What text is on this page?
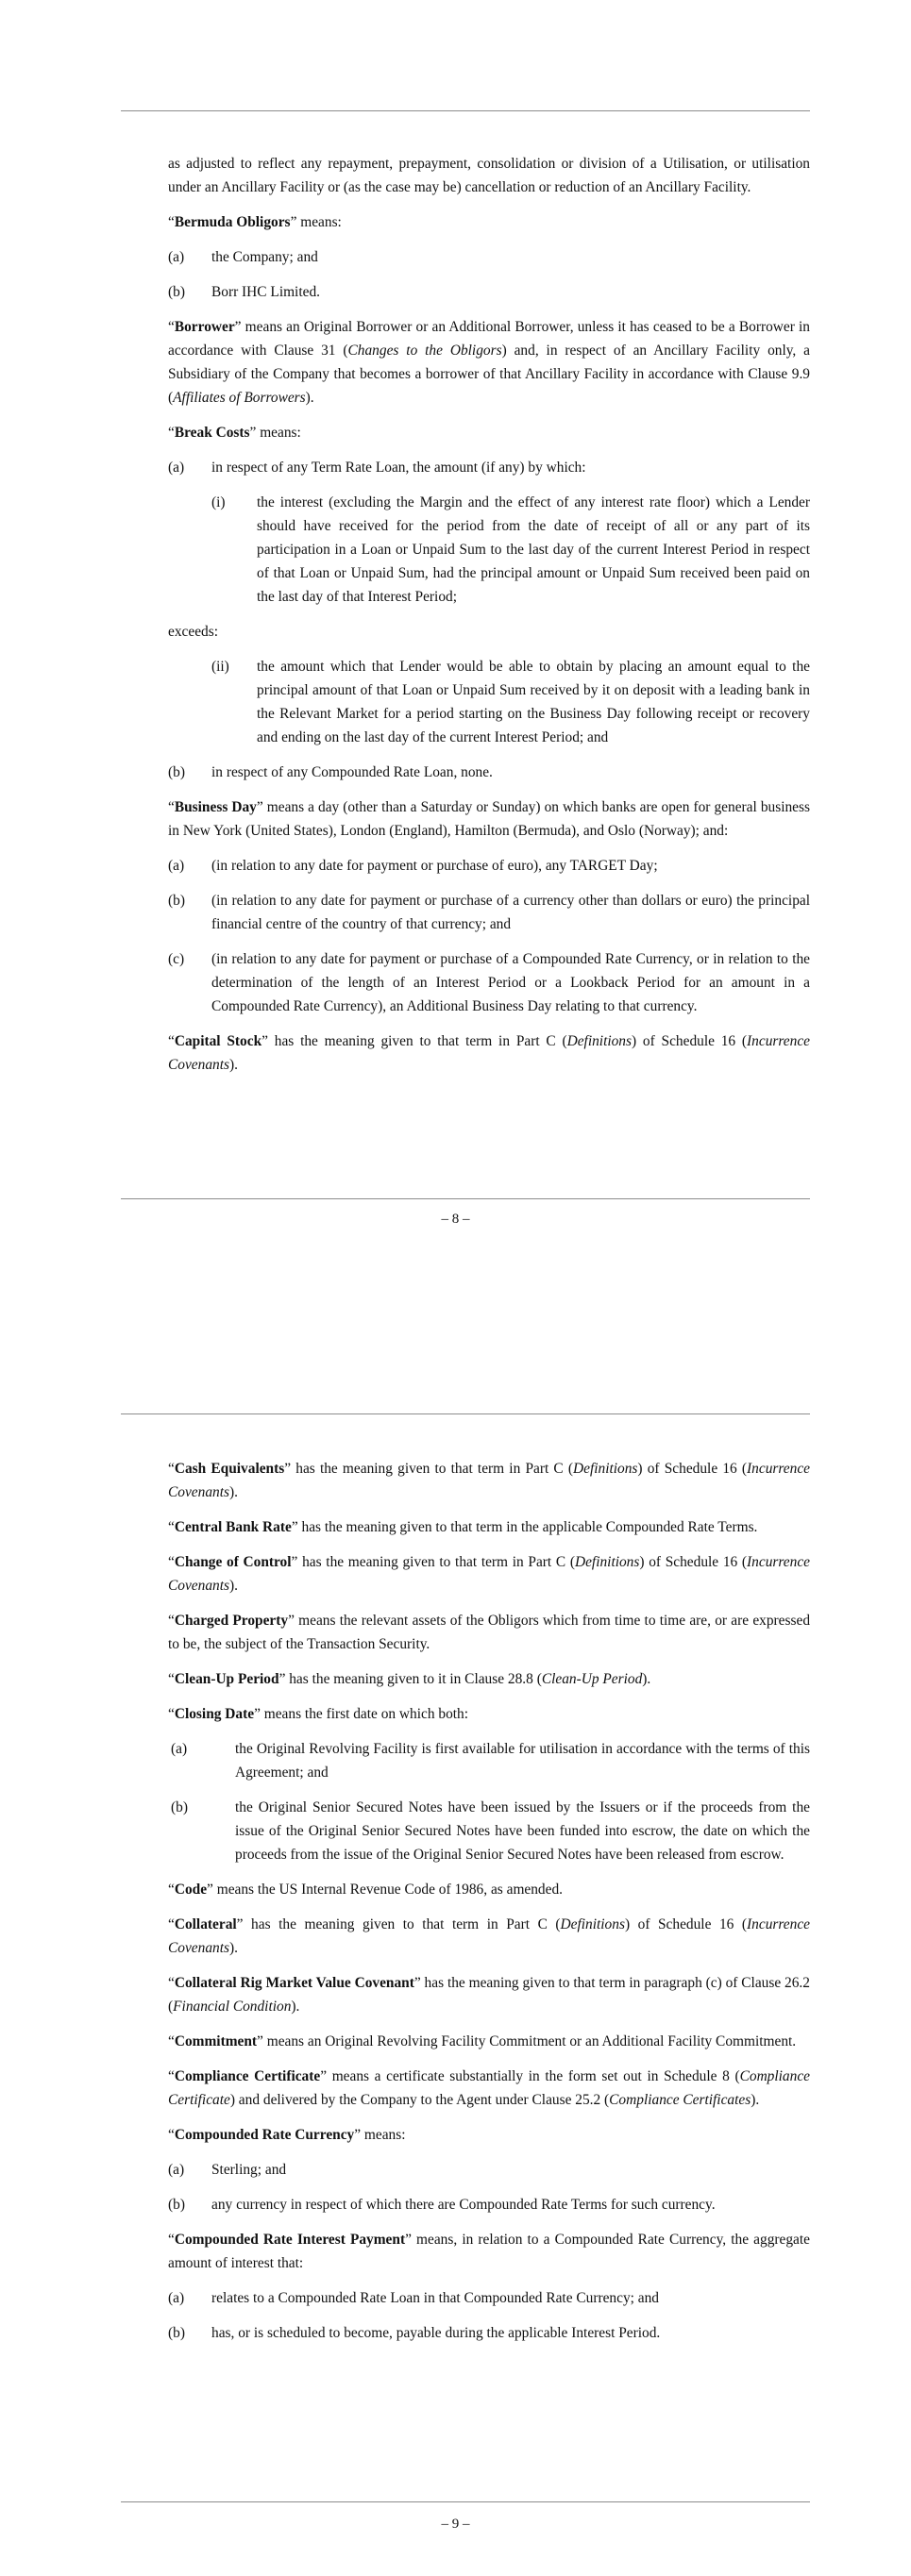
as adjusted to reflect any repayment, prepayment, consolidation or division of a Utilisation, or utilisation under an Ancillary Facility or (as the case may be) cancellation or reduction of an Ancillary Facility.

“Bermuda Obligors” means:

(a)	the Company; and
(b)	Borr IHC Limited.

“Borrower” means an Original Borrower or an Additional Borrower, unless it has ceased to be a Borrower in accordance with Clause 31 (Changes to the Obligors) and, in respect of an Ancillary Facility only, a Subsidiary of the Company that becomes a borrower of that Ancillary Facility in accordance with Clause 9.9 (Affiliates of Borrowers).

“Break Costs” means:

(a)	in respect of any Term Rate Loan, the amount (if any) by which:
(i)	the interest (excluding the Margin and the effect of any interest rate floor) which a Lender should have received for the period from the date of receipt of all or any part of its participation in a Loan or Unpaid Sum to the last day of the current Interest Period in respect of that Loan or Unpaid Sum, had the principal amount or Unpaid Sum received been paid on the last day of that Interest Period;

exceeds:

(ii)	the amount which that Lender would be able to obtain by placing an amount equal to the principal amount of that Loan or Unpaid Sum received by it on deposit with a leading bank in the Relevant Market for a period starting on the Business Day following receipt or recovery and ending on the last day of the current Interest Period; and
(b)	in respect of any Compounded Rate Loan, none.

“Business Day” means a day (other than a Saturday or Sunday) on which banks are open for general business in New York (United States), London (England), Hamilton (Bermuda), and Oslo (Norway); and:

(a)	(in relation to any date for payment or purchase of euro), any TARGET Day;
(b)	(in relation to any date for payment or purchase of a currency other than dollars or euro) the principal financial centre of the country of that currency; and
(c)	(in relation to any date for payment or purchase of a Compounded Rate Currency, or in relation to the determination of the length of an Interest Period or a Lookback Period for an amount in a Compounded Rate Currency), an Additional Business Day relating to that currency.

“Capital Stock” has the meaning given to that term in Part C (Definitions) of Schedule 16 (Incurrence Covenants).

– 8 –

“Cash Equivalents” has the meaning given to that term in Part C (Definitions) of Schedule 16 (Incurrence Covenants).

“Central Bank Rate” has the meaning given to that term in the applicable Compounded Rate Terms.

“Change of Control” has the meaning given to that term in Part C (Definitions) of Schedule 16 (Incurrence Covenants).

“Charged Property” means the relevant assets of the Obligors which from time to time are, or are expressed to be, the subject of the Transaction Security.

“Clean-Up Period” has the meaning given to it in Clause 28.8 (Clean-Up Period).

“Closing Date” means the first date on which both:

(a)	the Original Revolving Facility is first available for utilisation in accordance with the terms of this Agreement; and
(b)	the Original Senior Secured Notes have been issued by the Issuers or if the proceeds from the issue of the Original Senior Secured Notes have been funded into escrow, the date on which the proceeds from the issue of the Original Senior Secured Notes have been released from escrow.

“Code” means the US Internal Revenue Code of 1986, as amended.

“Collateral” has the meaning given to that term in Part C (Definitions) of Schedule 16 (Incurrence Covenants).

“Collateral Rig Market Value Covenant” has the meaning given to that term in paragraph (c) of Clause 26.2 (Financial Condition).

“Commitment” means an Original Revolving Facility Commitment or an Additional Facility Commitment.

“Compliance Certificate” means a certificate substantially in the form set out in Schedule 8 (Compliance Certificate) and delivered by the Company to the Agent under Clause 25.2 (Compliance Certificates).

“Compounded Rate Currency” means:

(a)	Sterling; and
(b)	any currency in respect of which there are Compounded Rate Terms for such currency.

“Compounded Rate Interest Payment” means, in relation to a Compounded Rate Currency, the aggregate amount of interest that:

(a)	relates to a Compounded Rate Loan in that Compounded Rate Currency; and
(b)	has, or is scheduled to become, payable during the applicable Interest Period.
– 9 –
